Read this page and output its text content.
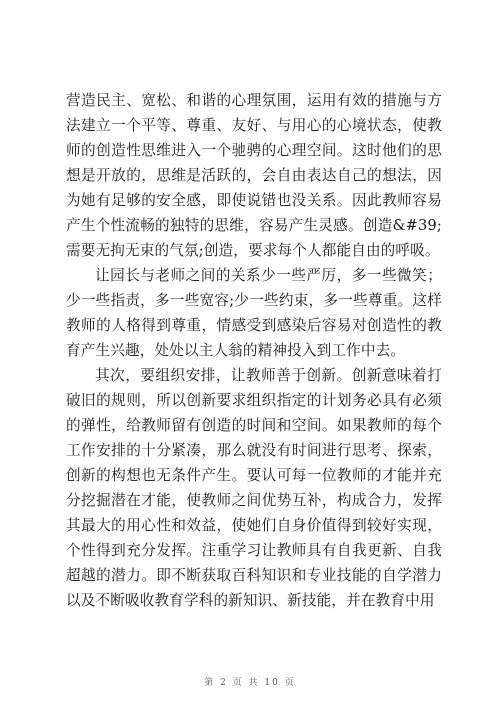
营造民主、宽松、和谐的心理氛围，运用有效的措施与方法建立一个平等、尊重、友好、与用心的心境状态，使教师的创造性思维进入一个驰骋的心理空间。这时他们的思想是开放的，思维是活跃的，会自由表达自己的想法，因为她有足够的安全感，即使说错也没关系。因此教师容易产生个性流畅的独特的思维，容易产生灵感。创造&#39;需要无拘无束的气氛;创造，要求每个人都能自由的呼吸。

让园长与老师之间的关系少一些严厉，多一些微笑；少一些指责，多一些宽容;少一些约束，多一些尊重。这样教师的人格得到尊重，情感受到感染后容易对创造性的教育产生兴趣，处处以主人翁的精神投入到工作中去。

其次，要组织安排，让教师善于创新。创新意味着打破旧的规则，所以创新要求组织指定的计划务必具有必须的弹性，给教师留有创造的时间和空间。如果教师的每个工作安排的十分紧凑，那么就没有时间进行思考、探索，创新的构想也无条件产生。要认可每一位教师的才能并充分挖掘潜在才能，使教师之间优势互补，构成合力，发挥其最大的用心性和效益，使她们自身价值得到较好实现，个性得到充分发挥。注重学习让教师具有自我更新、自我超越的潜力。即不断获取百科知识和专业技能的自学潜力以及不断吸收教育学科的新知识、新技能，并在教育中用

第 2 页 共 10 页
